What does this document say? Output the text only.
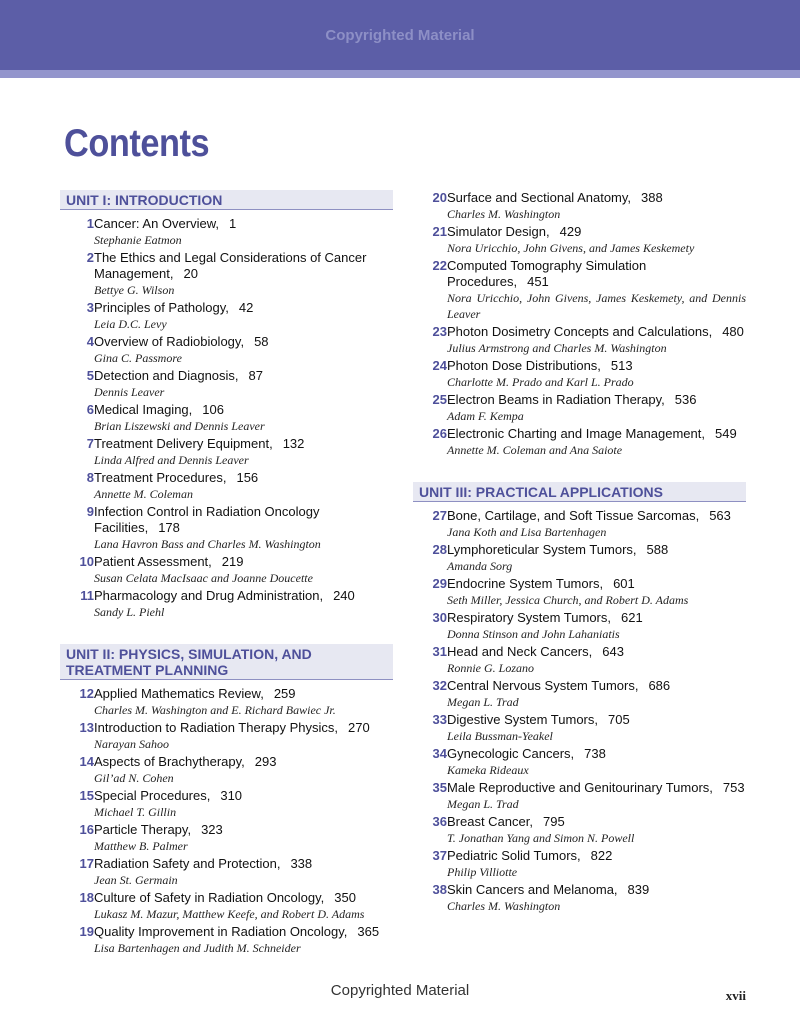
Copyrighted Material
Contents
UNIT I: INTRODUCTION
1 Cancer: An Overview, 1
Stephanie Eatmon
2 The Ethics and Legal Considerations of Cancer Management, 20
Bettye G. Wilson
3 Principles of Pathology, 42
Leia D.C. Levy
4 Overview of Radiobiology, 58
Gina C. Passmore
5 Detection and Diagnosis, 87
Dennis Leaver
6 Medical Imaging, 106
Brian Liszewski and Dennis Leaver
7 Treatment Delivery Equipment, 132
Linda Alfred and Dennis Leaver
8 Treatment Procedures, 156
Annette M. Coleman
9 Infection Control in Radiation Oncology Facilities, 178
Lana Havron Bass and Charles M. Washington
10 Patient Assessment, 219
Susan Celata MacIsaac and Joanne Doucette
11 Pharmacology and Drug Administration, 240
Sandy L. Piehl
UNIT II: PHYSICS, SIMULATION, AND TREATMENT PLANNING
12 Applied Mathematics Review, 259
Charles M. Washington and E. Richard Bawiec Jr.
13 Introduction to Radiation Therapy Physics, 270
Narayan Sahoo
14 Aspects of Brachytherapy, 293
Gil’ad N. Cohen
15 Special Procedures, 310
Michael T. Gillin
16 Particle Therapy, 323
Matthew B. Palmer
17 Radiation Safety and Protection, 338
Jean St. Germain
18 Culture of Safety in Radiation Oncology, 350
Lukasz M. Mazur, Matthew Keefe, and Robert D. Adams
19 Quality Improvement in Radiation Oncology, 365
Lisa Bartenhagen and Judith M. Schneider
20 Surface and Sectional Anatomy, 388
Charles M. Washington
21 Simulator Design, 429
Nora Uricchio, John Givens, and James Keskemety
22 Computed Tomography Simulation Procedures, 451
Nora Uricchio, John Givens, James Keskemety, and Dennis Leaver
23 Photon Dosimetry Concepts and Calculations, 480
Julius Armstrong and Charles M. Washington
24 Photon Dose Distributions, 513
Charlotte M. Prado and Karl L. Prado
25 Electron Beams in Radiation Therapy, 536
Adam F. Kempa
26 Electronic Charting and Image Management, 549
Annette M. Coleman and Ana Saiote
UNIT III: PRACTICAL APPLICATIONS
27 Bone, Cartilage, and Soft Tissue Sarcomas, 563
Jana Koth and Lisa Bartenhagen
28 Lymphoreticular System Tumors, 588
Amanda Sorg
29 Endocrine System Tumors, 601
Seth Miller, Jessica Church, and Robert D. Adams
30 Respiratory System Tumors, 621
Donna Stinson and John Lahaniatis
31 Head and Neck Cancers, 643
Ronnie G. Lozano
32 Central Nervous System Tumors, 686
Megan L. Trad
33 Digestive System Tumors, 705
Leila Bussman-Yeakel
34 Gynecologic Cancers, 738
Kameka Rideaux
35 Male Reproductive and Genitourinary Tumors, 753
Megan L. Trad
36 Breast Cancer, 795
T. Jonathan Yang and Simon N. Powell
37 Pediatric Solid Tumors, 822
Philip Villiotte
38 Skin Cancers and Melanoma, 839
Charles M. Washington
Copyrighted Material	xvii
